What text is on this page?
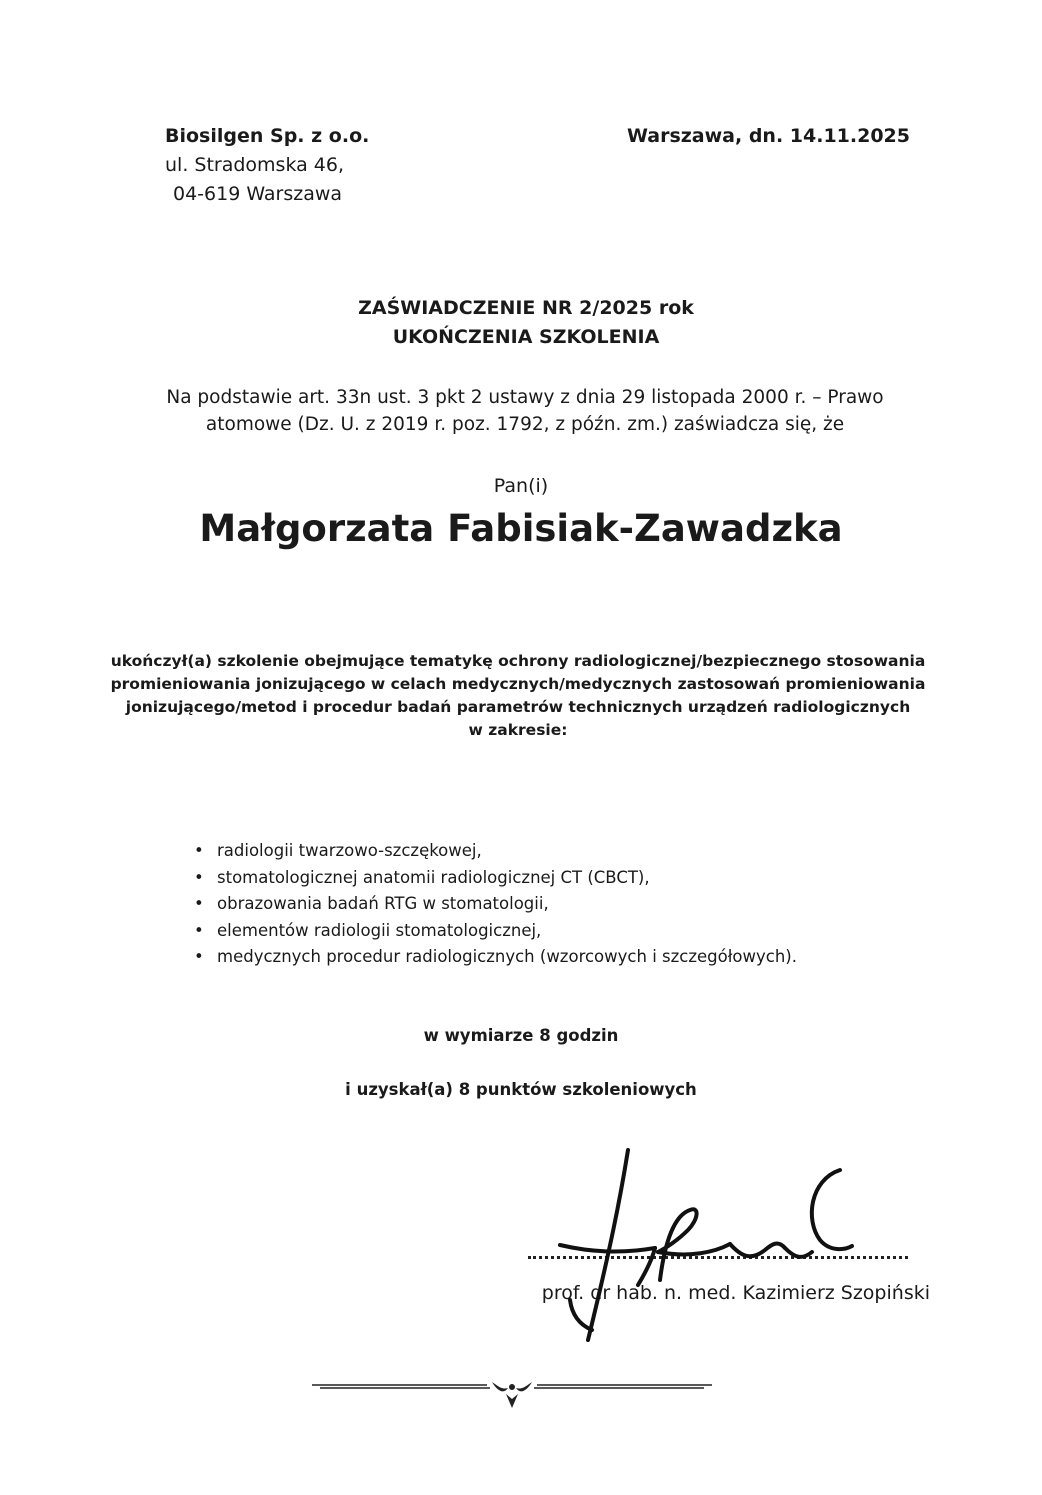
Biosilgen Sp. z o.o.
ul. Stradomska 46,
04-619 Warszawa
Warszawa, dn. 14.11.2025
ZAŚWIADCZENIE NR 2/2025 rok
UKOŃCZENIA SZKOLENIA
Na podstawie art. 33n ust. 3 pkt 2 ustawy z dnia 29 listopada 2000 r. – Prawo
atomowe (Dz. U. z 2019 r. poz. 1792, z późn. zm.) zaświadcza się, że
Pan(i)
Małgorzata Fabisiak-Zawadzka
ukończył(a) szkolenie obejmujące tematykę ochrony radiologicznej/bezpiecznego stosowania
promieniowania jonizującego w celach medycznych/medycznych zastosowań promieniowania
jonizującego/metod i procedur badań parametrów technicznych urządzeń radiologicznych
w zakresie:
• radiologii twarzowo-szczękowej,
• stomatologicznej anatomii radiologicznej CT (CBCT),
• obrazowania badań RTG w stomatologii,
• elementów radiologii stomatologicznej,
• medycznych procedur radiologicznych (wzorcowych i szczegółowych).
w wymiarze 8 godzin
i uzyskał(a) 8 punktów szkoleniowych
prof. dr hab. n. med. Kazimierz Szopiński
